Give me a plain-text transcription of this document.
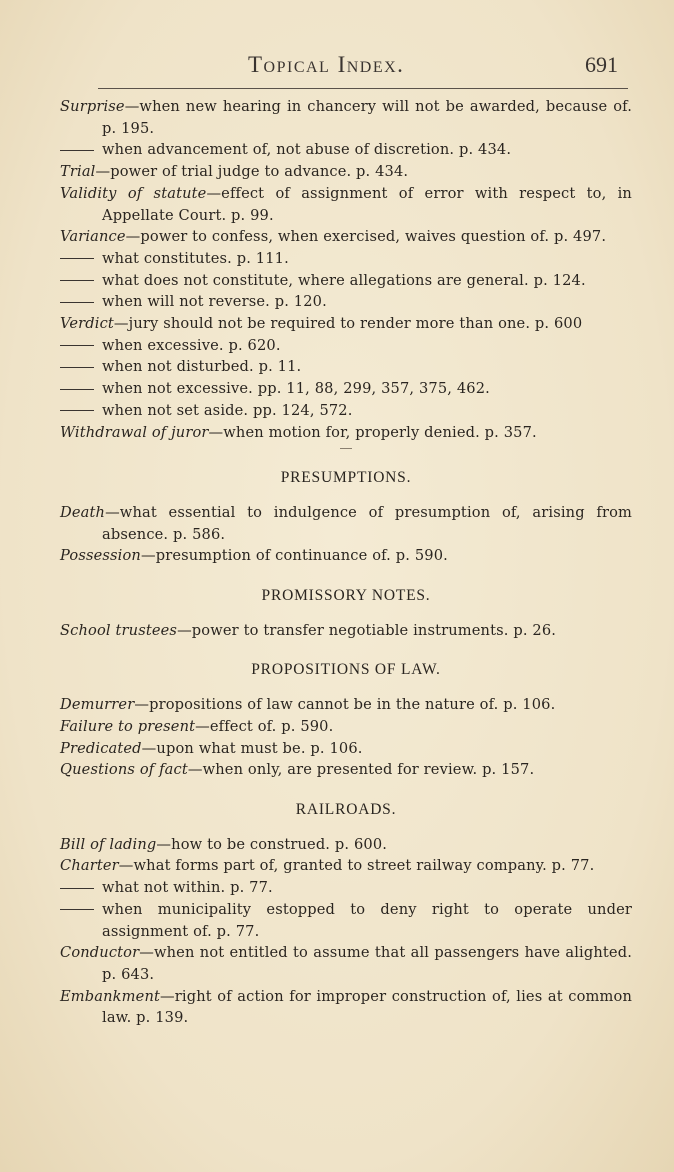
Topical Index.	691
Surprise—when new hearing in chancery will not be awarded, because of. p. 195.
when advancement of, not abuse of discretion. p. 434.
Trial—power of trial judge to advance. p. 434.
Validity of statute—effect of assignment of error with respect to, in Appellate Court. p. 99.
Variance—power to confess, when exercised, waives question of. p. 497.
what constitutes. p. 111.
what does not constitute, where allegations are general. p. 124.
when will not reverse. p. 120.
Verdict—jury should not be required to render more than one. p. 600
when excessive. p. 620.
when not disturbed. p. 11.
when not excessive. pp. 11, 88, 299, 357, 375, 462.
when not set aside. pp. 124, 572.
Withdrawal of juror—when motion for, properly denied. p. 357.
PRESUMPTIONS.
Death—what essential to indulgence of presumption of, arising from absence. p. 586.
Possession—presumption of continuance of. p. 590.
PROMISSORY NOTES.
School trustees—power to transfer negotiable instruments. p. 26.
PROPOSITIONS OF LAW.
Demurrer—propositions of law cannot be in the nature of. p. 106.
Failure to present—effect of. p. 590.
Predicated—upon what must be. p. 106.
Questions of fact—when only, are presented for review. p. 157.
RAILROADS.
Bill of lading—how to be construed. p. 600.
Charter—what forms part of, granted to street railway company. p. 77.
what not within. p. 77.
when municipality estopped to deny right to operate under assignment of. p. 77.
Conductor—when not entitled to assume that all passengers have alighted. p. 643.
Embankment—right of action for improper construction of, lies at common law. p. 139.
